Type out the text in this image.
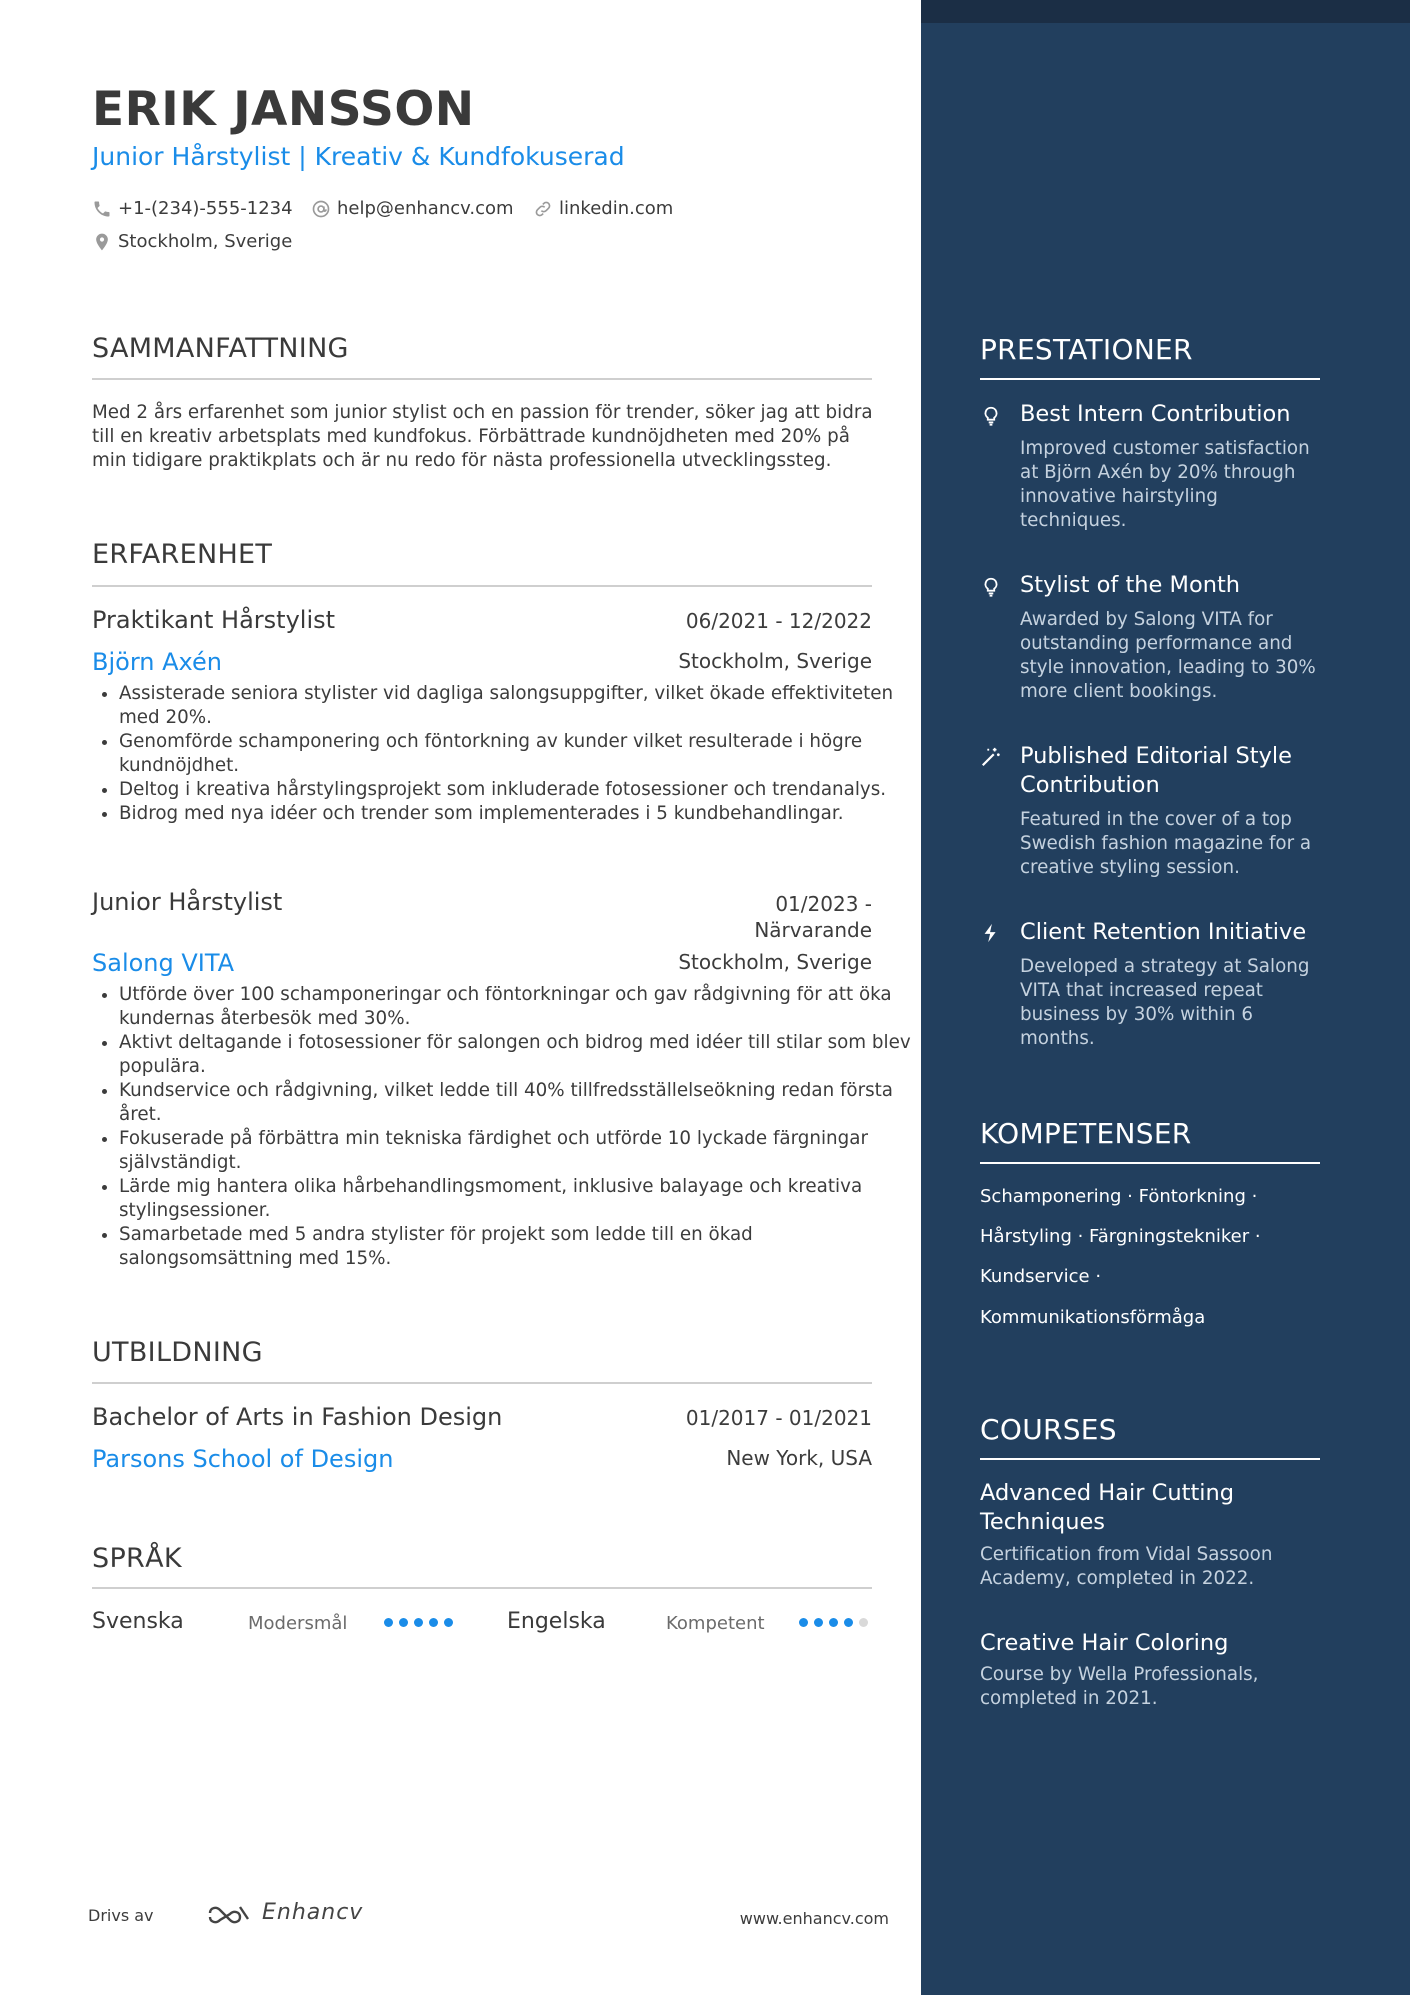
ERIK JANSSON
Junior Hårstylist | Kreativ & Kundfokuserad
+1-(234)-555-1234 help@enhancv.com	linkedin.com
Stockholm, Sverige
SAMMANFATTNING
Med 2 års erfarenhet som junior stylist och en passion för trender, söker jag att bidra till en kreativ arbetsplats med kundfokus. Förbättrade kundnöjdheten med 20% på min tidigare praktikplats och är nu redo för nästa professionella utvecklingssteg.
ERFARENHET
Praktikant Hårstylist	06/2021 - 12/2022
Björn Axén	Stockholm, Sverige
• Assisterade seniora stylister vid dagliga salongsuppgifter, vilket ökade effektiviteten med 20%.
• Genomförde schamponering och föntorkning av kunder vilket resulterade i högre kundnöjdhet.
• Deltog i kreativa hårstylingsprojekt som inkluderade fotosessioner och trendanalys.
• Bidrog med nya idéer och trender som implementerades i 5 kundbehandlingar.
Junior Hårstylist	01/2023 -
Närvarande
Salong VITA	Stockholm, Sverige
• Utförde över 100 schamponeringar och föntorkningar och gav rådgivning för att öka kundernas återbesök med 30%.
• Aktivt deltagande i fotosessioner för salongen och bidrog med idéer till stilar som blev populära.
• Kundservice och rådgivning, vilket ledde till 40% tillfredsställelseökning redan första året.
• Fokuserade på förbättra min tekniska färdighet och utförde 10 lyckade färgningar självständigt.
• Lärde mig hantera olika hårbehandlingsmoment, inklusive balayage och kreativa stylingsessioner.
• Samarbetade med 5 andra stylister för projekt som ledde till en ökad salongsomsättning med 15%.
UTBILDNING
Bachelor of Arts in Fashion Design	01/2017 - 01/2021
Parsons School of Design	New York, USA
SPRÅK
Svenska	Modersmål	Engelska	Kompetent
Drivs av	Enhancv	www.enhancv.com
PRESTATIONER
Best Intern Contribution
Improved customer satisfaction at Björn Axén by 20% through innovative hairstyling techniques.
Stylist of the Month
Awarded by Salong VITA for outstanding performance and style innovation, leading to 30% more client bookings.
Published Editorial Style Contribution
Featured in the cover of a top Swedish fashion magazine for a creative styling session.
Client Retention Initiative
Developed a strategy at Salong VITA that increased repeat business by 30% within 6 months.
KOMPETENSER
Schamponering · Föntorkning ·
Hårstyling · Färgningstekniker ·
Kundservice ·
Kommunikationsförmåga
COURSES
Advanced Hair Cutting Techniques
Certification from Vidal Sassoon Academy, completed in 2022.
Creative Hair Coloring
Course by Wella Professionals, completed in 2021.
